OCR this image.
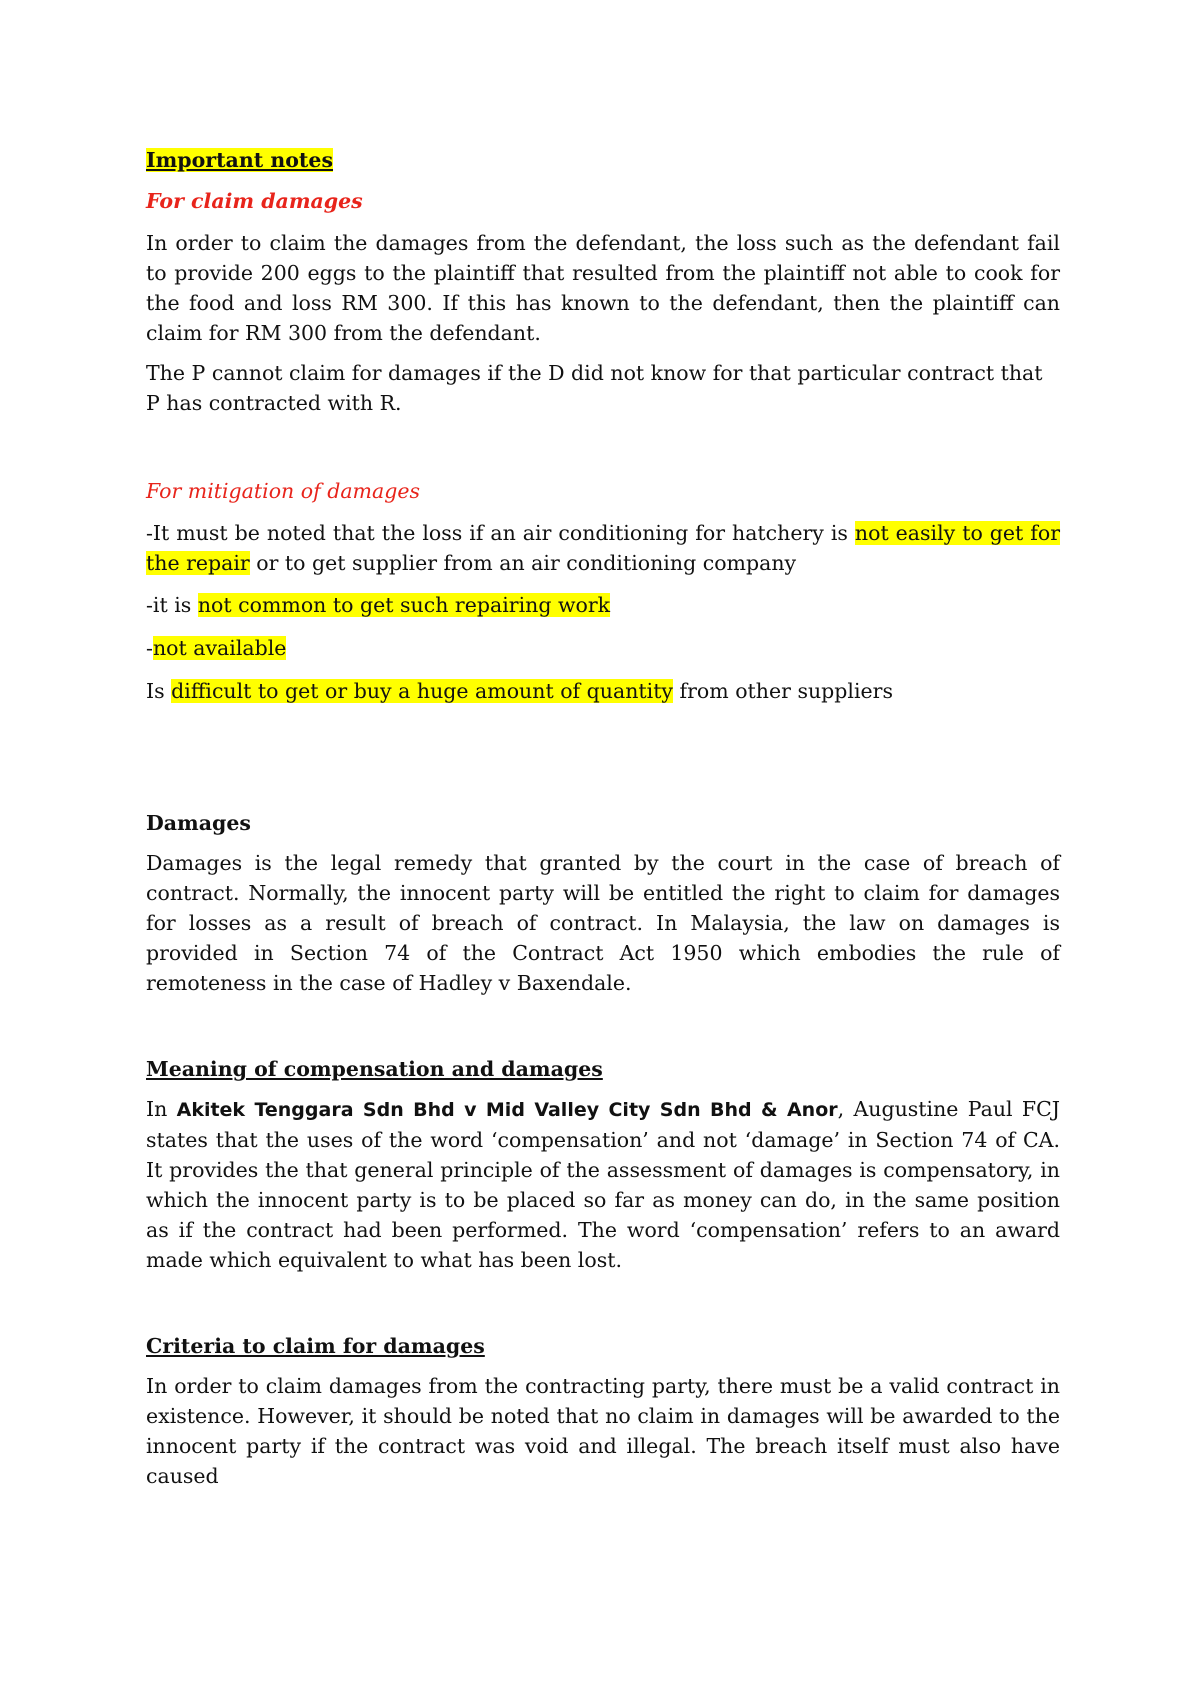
Important notes

For claim damages

In order to claim the damages from the defendant, the loss such as the defendant fail to provide 200 eggs to the plaintiff that resulted from the plaintiff not able to cook for the food and loss RM 300. If this has known to the defendant, then the plaintiff can claim for RM 300 from the defendant.

The P cannot claim for damages if the D did not know for that particular contract that P has contracted with R.

For mitigation of damages

-It must be noted that the loss if an air conditioning for hatchery is not easily to get for the repair or to get supplier from an air conditioning company

-it is not common to get such repairing work

-not available

Is difficult to get or buy a huge amount of quantity from other suppliers

Damages

Damages is the legal remedy that granted by the court in the case of breach of contract. Normally, the innocent party will be entitled the right to claim for damages for losses as a result of breach of contract. In Malaysia, the law on damages is provided in Section 74 of the Contract Act 1950 which embodies the rule of remoteness in the case of Hadley v Baxendale.

Meaning of compensation and damages

In Akitek Tenggara Sdn Bhd v Mid Valley City Sdn Bhd & Anor, Augustine Paul FCJ states that the uses of the word ‘compensation’ and not ‘damage’ in Section 74 of CA. It provides the that general principle of the assessment of damages is compensatory, in which the innocent party is to be placed so far as money can do, in the same position as if the contract had been performed. The word ‘compensation’ refers to an award made which equivalent to what has been lost.

Criteria to claim for damages

In order to claim damages from the contracting party, there must be a valid contract in existence. However, it should be noted that no claim in damages will be awarded to the innocent party if the contract was void and illegal. The breach itself must also have caused
